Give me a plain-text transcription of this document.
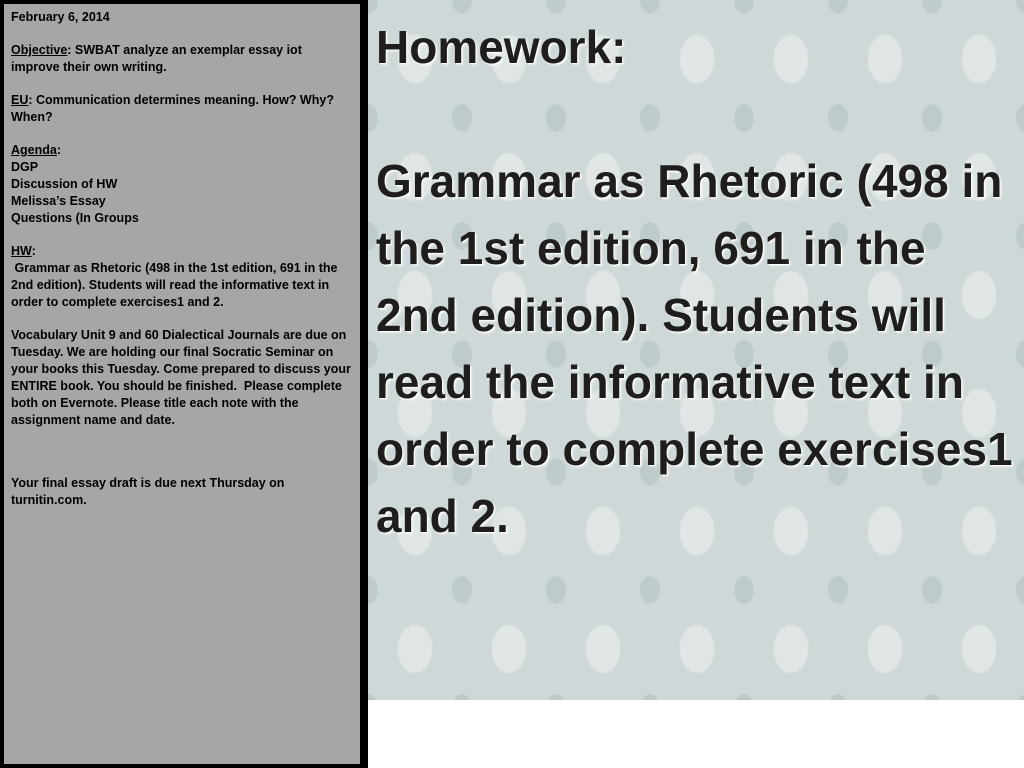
February 6, 2014

Objective: SWBAT analyze an exemplar essay iot improve their own writing.

EU: Communication determines meaning. How? Why? When?

Agenda:

DGP

Discussion of HW

Melissa’s Essay

Questions (In Groups

HW:

Grammar as Rhetoric (498 in the 1st edition, 691 in the 2nd edition). Students will read the informative text in order to complete exercises1 and 2.

Vocabulary Unit 9 and 60 Dialectical Journals are due on Tuesday. We are holding our final Socratic Seminar on your books this Tuesday. Come prepared to discuss your ENTIRE book. You should be finished.  Please complete both on Evernote. Please title each note with the assignment name and date.

Your final essay draft is due next Thursday on turnitin.com.

Homework:

Grammar as Rhetoric (498 in the 1st edition, 691 in the 2nd edition). Students will read the informative text in order to complete exercises1 and 2.
